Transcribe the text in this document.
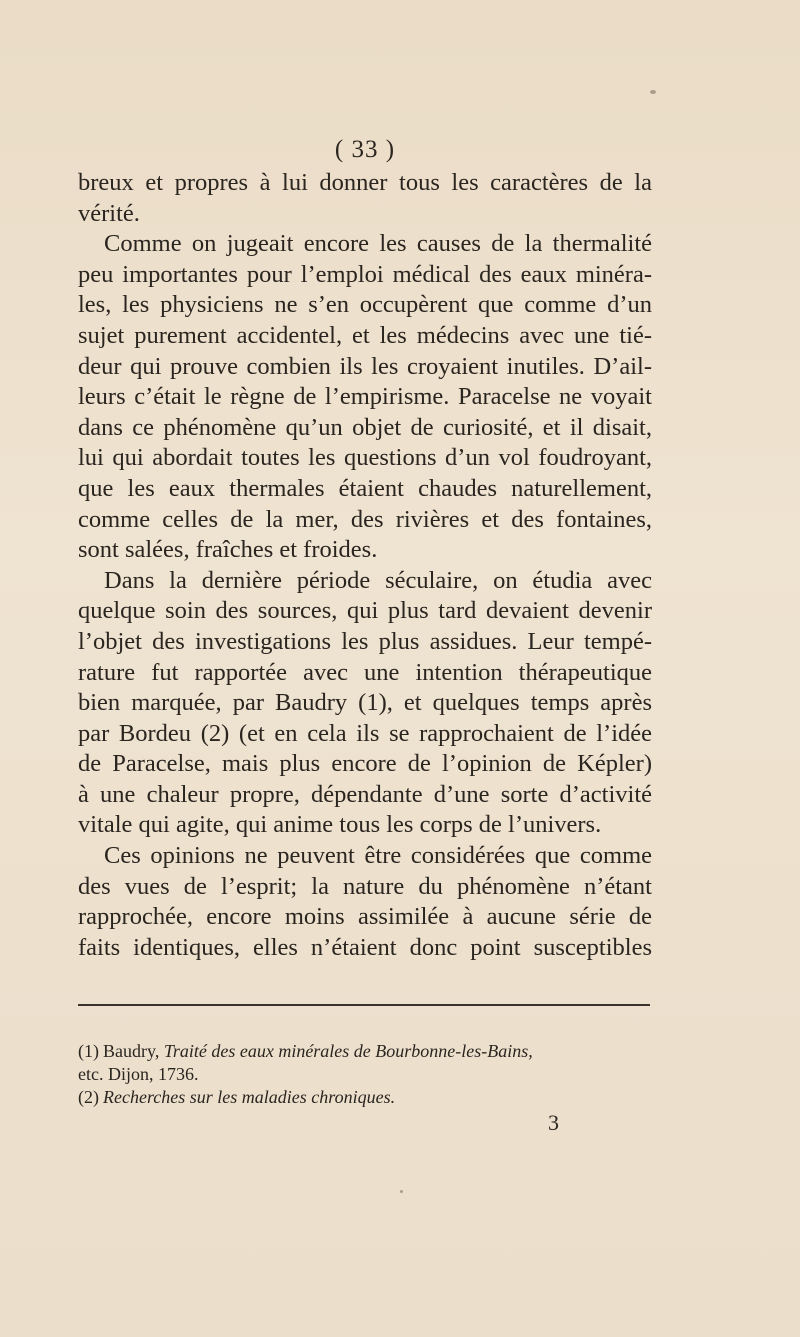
( 33 )
breux et propres à lui donner tous les caractères de la
vérité.
Comme on jugeait encore les causes de la thermalité
peu importantes pour l’emploi médical des eaux minéra-
les, les physiciens ne s’en occupèrent que comme d’un
sujet purement accidentel, et les médecins avec une tié-
deur qui prouve combien ils les croyaient inutiles. D’ail-
leurs c’était le règne de l’empirisme. Paracelse ne voyait
dans ce phénomène qu’un objet de curiosité, et il disait,
lui qui abordait toutes les questions d’un vol foudroyant,
que les eaux thermales étaient chaudes naturellement,
comme celles de la mer, des rivières et des fontaines,
sont salées, fraîches et froides.
Dans la dernière période séculaire, on étudia avec
quelque soin des sources, qui plus tard devaient devenir
l’objet des investigations les plus assidues. Leur tempé-
rature fut rapportée avec une intention thérapeutique
bien marquée, par Baudry (1), et quelques temps après
par Bordeu (2) (et en cela ils se rapprochaient de l’idée
de Paracelse, mais plus encore de l’opinion de Képler)
à une chaleur propre, dépendante d’une sorte d’activité
vitale qui agite, qui anime tous les corps de l’univers.
Ces opinions ne peuvent être considérées que comme
des vues de l’esprit; la nature du phénomène n’étant
rapprochée, encore moins assimilée à aucune série de
faits identiques, elles n’étaient donc point susceptibles
(1) Baudry, Traité des eaux minérales de Bourbonne-les-Bains,
etc. Dijon, 1736.
(2) Recherches sur les maladies chroniques.
3
